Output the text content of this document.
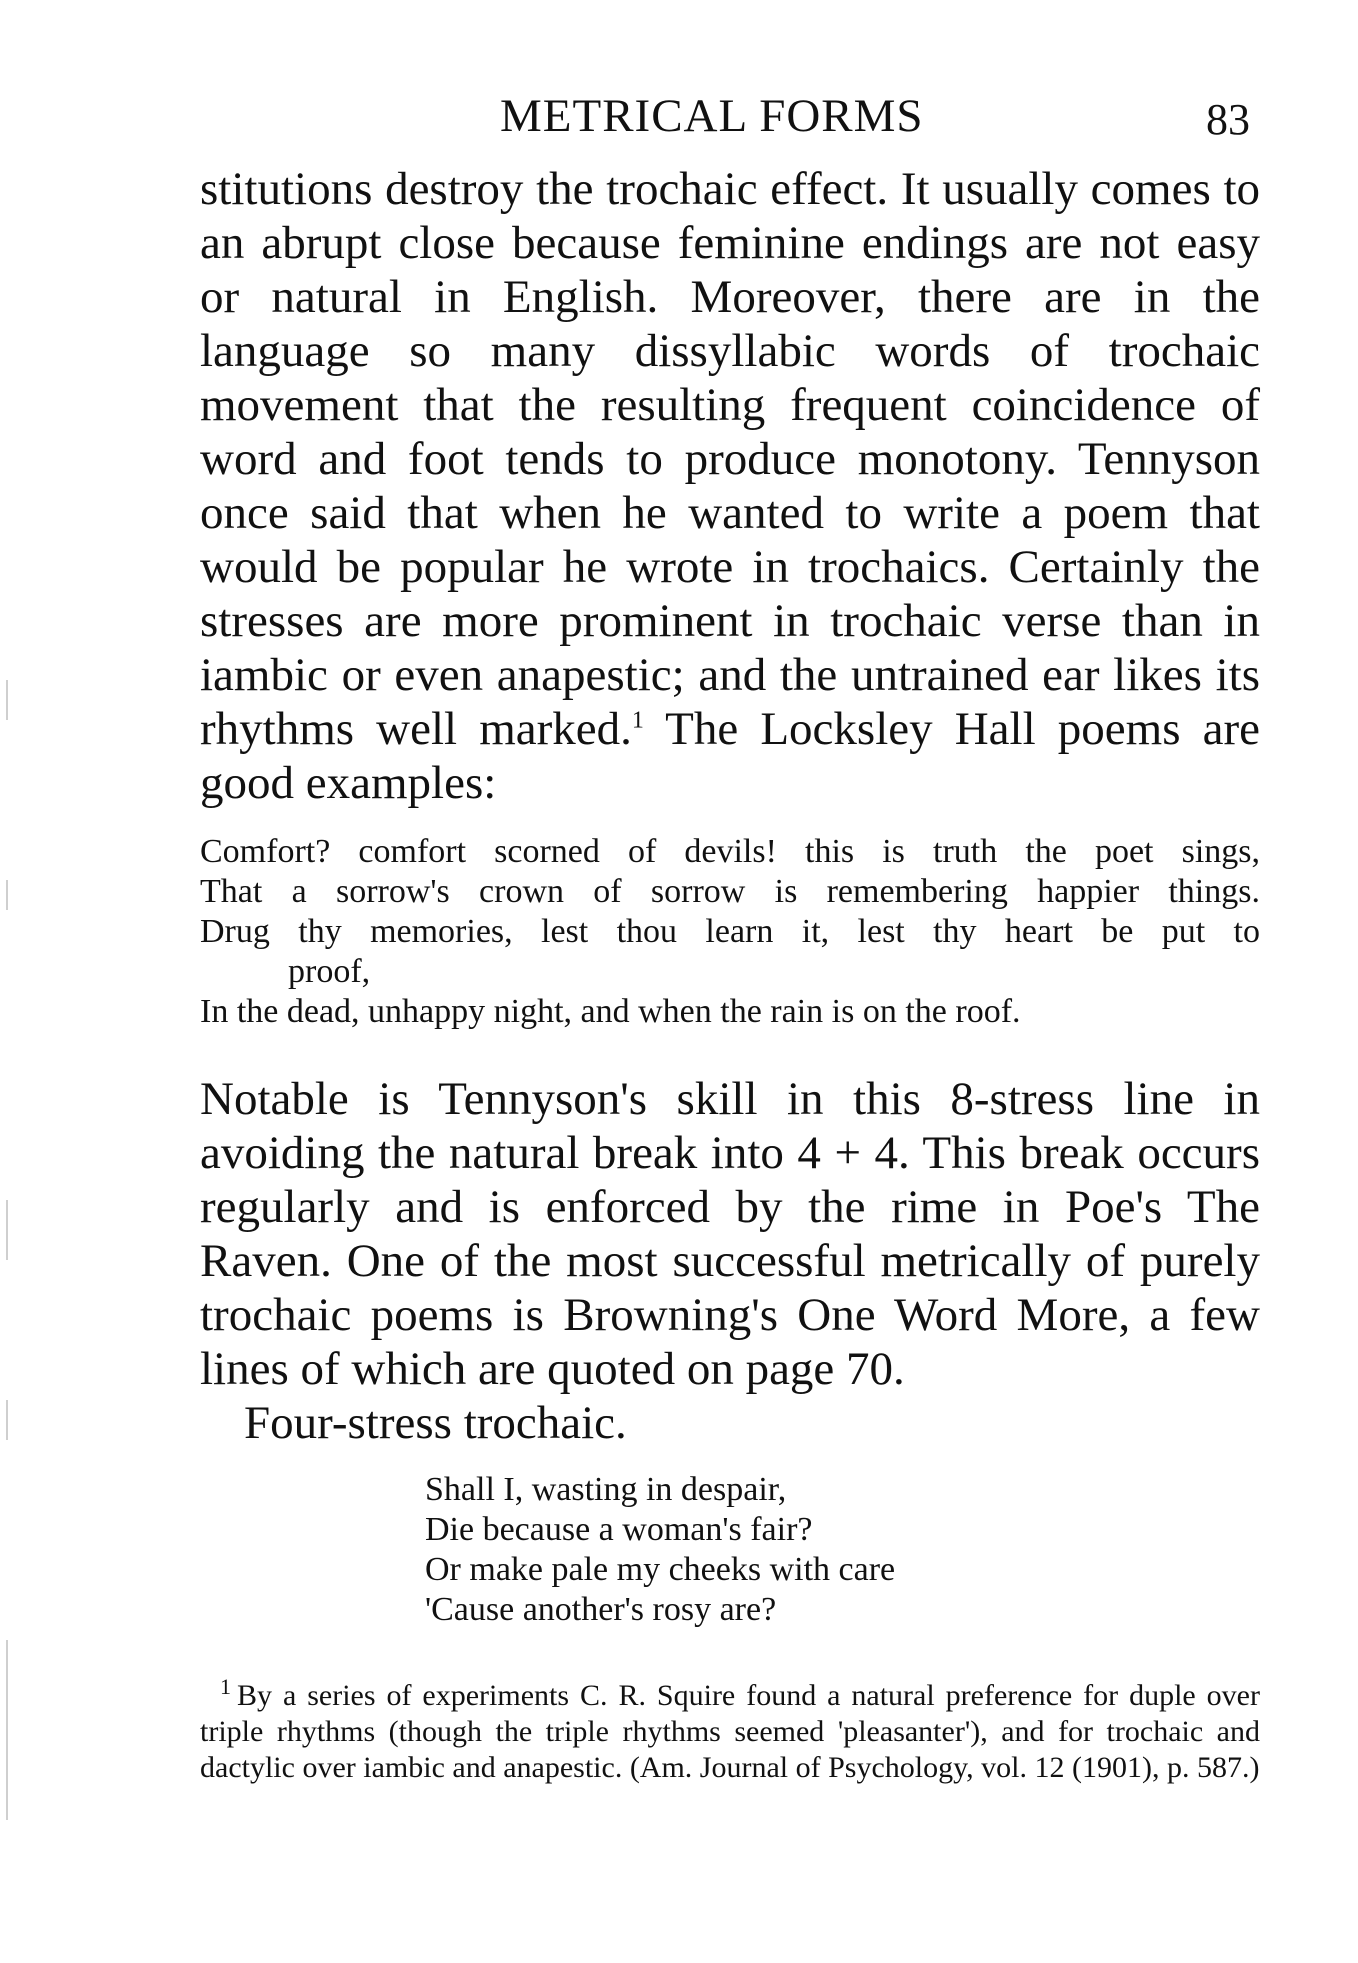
METRICAL FORMS	83

stitutions destroy the trochaic effect. It usually comes to an abrupt close because feminine endings are not easy or natural in English. Moreover, there are in the language so many dissyllabic words of trochaic movement that the resulting frequent coincidence of word and foot tends to produce monotony. Tennyson once said that when he wanted to write a poem that would be popular he wrote in trochaics. Certainly the stresses are more prominent in trochaic verse than in iambic or even anapestic; and the untrained ear likes its rhythms well marked.$^1$ The Locksley Hall poems are good examples:

Comfort? comfort scorned of devils! this is truth the poet sings,
That a sorrow's crown of sorrow is remembering happier things.
Drug thy memories, lest thou learn it, lest thy heart be put to
proof,
In the dead, unhappy night, and when the rain is on the roof.

Notable is Tennyson's skill in this 8-stress line in avoiding the natural break into 4 + 4. This break occurs regularly and is enforced by the rime in Poe's The Raven. One of the most successful metrically of purely trochaic poems is Browning's One Word More, a few lines of which are quoted on page 70.

Four-stress trochaic.

Shall I, wasting in despair,
Die because a woman's fair?
Or make pale my cheeks with care
'Cause another's rosy are?

$^1$ By a series of experiments C. R. Squire found a natural preference for duple over triple rhythms (though the triple rhythms seemed 'pleasanter'), and for trochaic and dactylic over iambic and anapestic. (Am. Journal of Psychology, vol. 12 (1901), p. 587.)
